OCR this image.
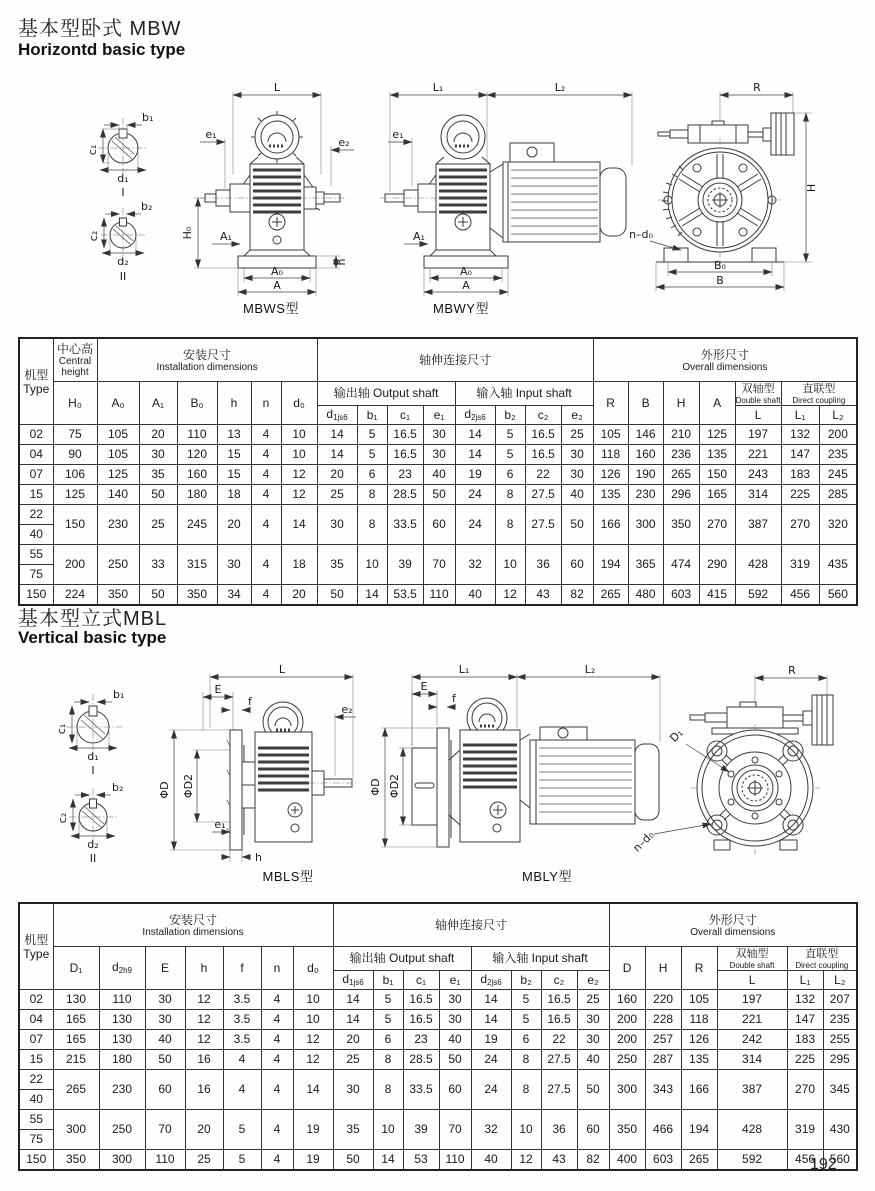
基本型卧式 MBW
Horizontd basic type
b₁
c₁
d₁
I
b₂
c₂
d₂
II
L
e₁
e₂
H₀ A₁
A₀
A
h
L₁	L₂
e₁
A₁
A₀
A
R
H
n–d₀
B₀
B
MBWS型	MBWY型
机型
Type	中心高
Central
height	安装尺寸
Installation dimensions						轴伸连接尺寸								外形尺寸
Overall dimensions						

	H₀	A₀	A₁	B₀	h	n	d₀	输出轴 Output shaft				输入轴 Input shaft				R	B	H	A	双轴型
Double shaft	直联型
Direct coupling	

								$d_{1js6}$	b₁	c₁	e₁	$d_{2js6}$	b₂	c₂	e₂					L	L₁	L₂
02	75	105	20	110	13	4	10	14	5	16.5	30	14	5	16.5	25	105	146	210	125	197	132	200
04	90	105	30	120	15	4	10	14	5	16.5	30	14	5	16.5	30	118	160	236	135	221	147	235
07	106	125	35	160	15	4	12	20	6	23	40	19	6	22	30	126	190	265	150	243	183	245
15	125	140	50	180	18	4	12	25	8	28.5	50	24	8	27.5	40	135	230	296	165	314	225	285
22	150	230	25	245	20	4	14	30	8	33.5	60	24	8	27.5	50	166	300	350	270	387	270	320
40																						
55	200	250	33	315	30	4	18	35	10	39	70	32	10	36	60	194	365	474	290	428	319	435
75																						
150	224	350	50	350	34	4	20	50	14	53.5	110	40	12	43	82	265	480	603	415	592	456	560
基本型立式MBL
Vertical basic type
b₁
c₁
d₁
I
b₂
c₂
d₂
II
L
E
f
ΦD ΦD2
e₂
e₁
h
L₁	L₂
E
f
ΦD ΦD2
R
D₁
n–d₀
MBLS型	MBLY型
机型
Type	安装尺寸
Installation dimensions							轴伸连接尺寸								外形尺寸
Overall dimensions					

	D₁	$d_{2h9}$	E	h	f	n	d₀	输出轴 Output shaft				输入轴 Input shaft				D	H	R	双轴型
Double shaft	直联型
Direct coupling	

								$d_{1js6}$	b₁	c₁	e₁	$d_{2js6}$	b₂	c₂	e₂				L	L₁	L₂
02	130	110	30	12	3.5	4	10	14	5	16.5	30	14	5	16.5	25	160	220	105	197	132	207
04	165	130	30	12	3.5	4	10	14	5	16.5	30	14	5	16.5	30	200	228	118	221	147	235
07	165	130	40	12	3.5	4	12	20	6	23	40	19	6	22	30	200	257	126	242	183	255
15	215	180	50	16	4	4	12	25	8	28.5	50	24	8	27.5	40	250	287	135	314	225	295
22	265	230	60	16	4	4	14	30	8	33.5	60	24	8	27.5	50	300	343	166	387	270	345
40																					
55	300	250	70	20	5	4	19	35	10	39	70	32	10	36	60	350	466	194	428	319	430
75																					
150	350	300	110	25	5	4	19	50	14	53	110	40	12	43	82	400	603	265	592	456	560
192
